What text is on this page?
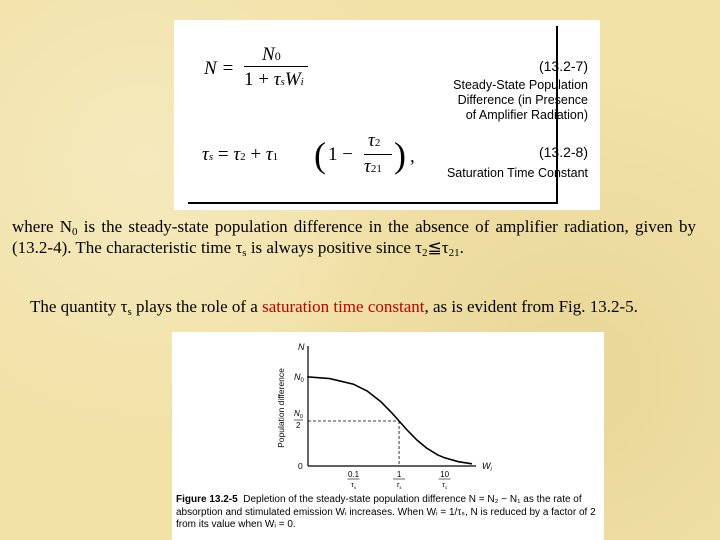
N =
N0
1 + τsWi
τs = τ2 + τ1 ( 1 −
τ2
τ21 ) ,
(13.2-7)
Steady-State Population
Difference (in Presence
of Amplifier Radiation)
(13.2-8)
Saturation Time Constant
where $N_0$ is the steady-state population difference in the absence of amplifier radiation, given by (13.2-4). The characteristic time $\tau_s$ is always positive since $\tau_2≦\tau_{21}$.
The quantity $\tau_s$ plays the role of a saturation time constant, as is evident from Fig. 13.2-5.
Population difference
N
$N_0$
$N_0$
2
0
0.1
$\tau_s$
1
$\tau_s$
10
$\tau_s$
$W_i$
Figure 13.2-5 Depletion of the steady-state population difference N = N₂ − N₁ as the rate of absorption and stimulated emission Wᵢ increases. When Wᵢ = 1/τₛ, N is reduced by a factor of 2 from its value when Wᵢ = 0.
